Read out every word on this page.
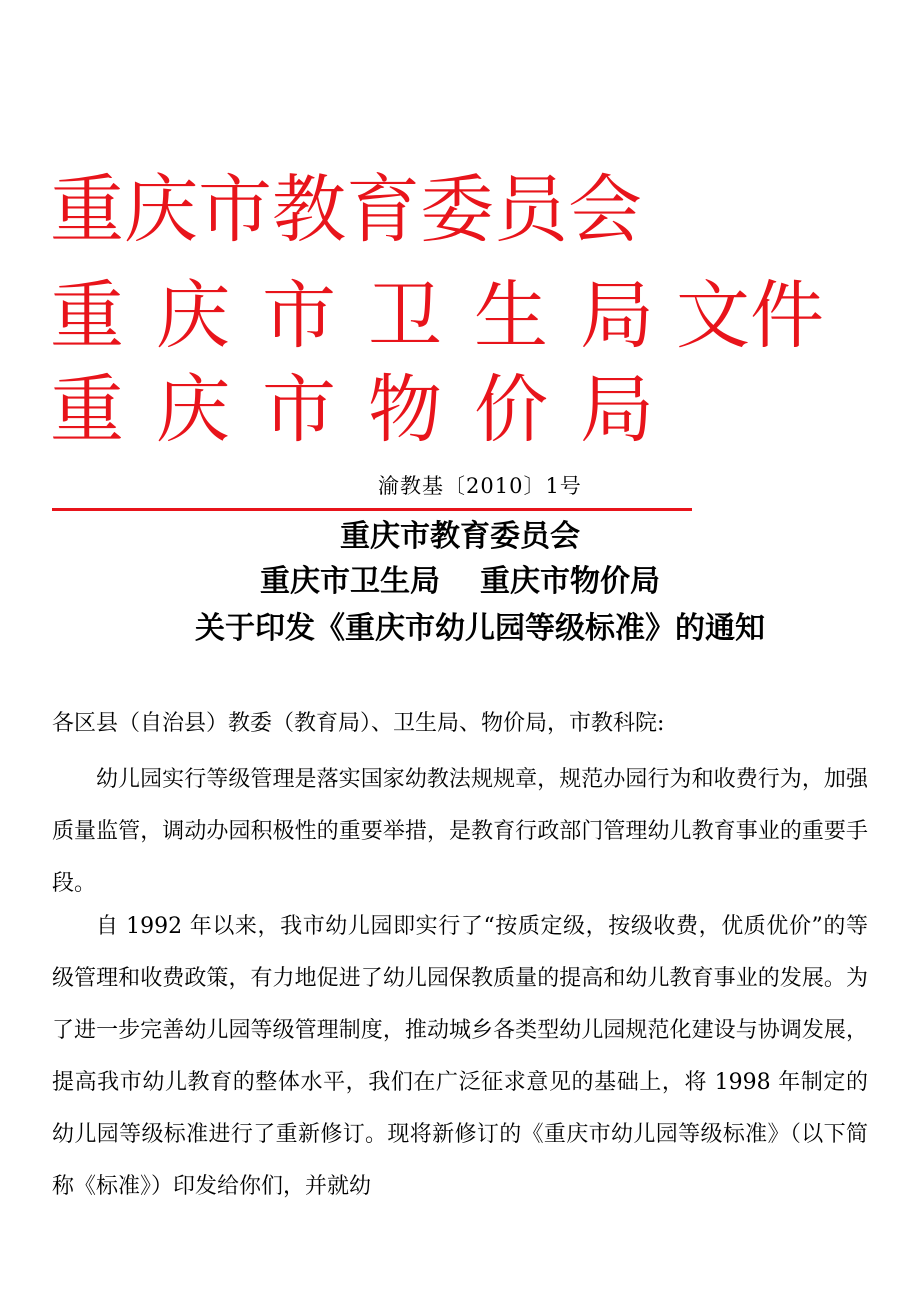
重庆市教育委员会
重庆市卫生局文件
重庆市物价局
渝教基〔2010〕1号
重庆市教育委员会
重庆市卫生局 重庆市物价局
关于印发《重庆市幼儿园等级标准》的通知
各区县（自治县）教委（教育局）、卫生局、物价局，市教科院:

幼儿园实行等级管理是落实国家幼教法规规章，规范办园行为和收费行为，加强质量监管，调动办园积极性的重要举措，是教育行政部门管理幼儿教育事业的重要手段。

自 1992 年以来，我市幼儿园即实行了“按质定级，按级收费，优质优价”的等级管理和收费政策，有力地促进了幼儿园保教质量的提高和幼儿教育事业的发展。为了进一步完善幼儿园等级管理制度，推动城乡各类型幼儿园规范化建设与协调发展，提高我市幼儿教育的整体水平，我们在广泛征求意见的基础上，将 1998 年制定的幼儿园等级标准进行了重新修订。现将新修订的《重庆市幼儿园等级标准》（以下简称《标准》）印发给你们，并就幼
